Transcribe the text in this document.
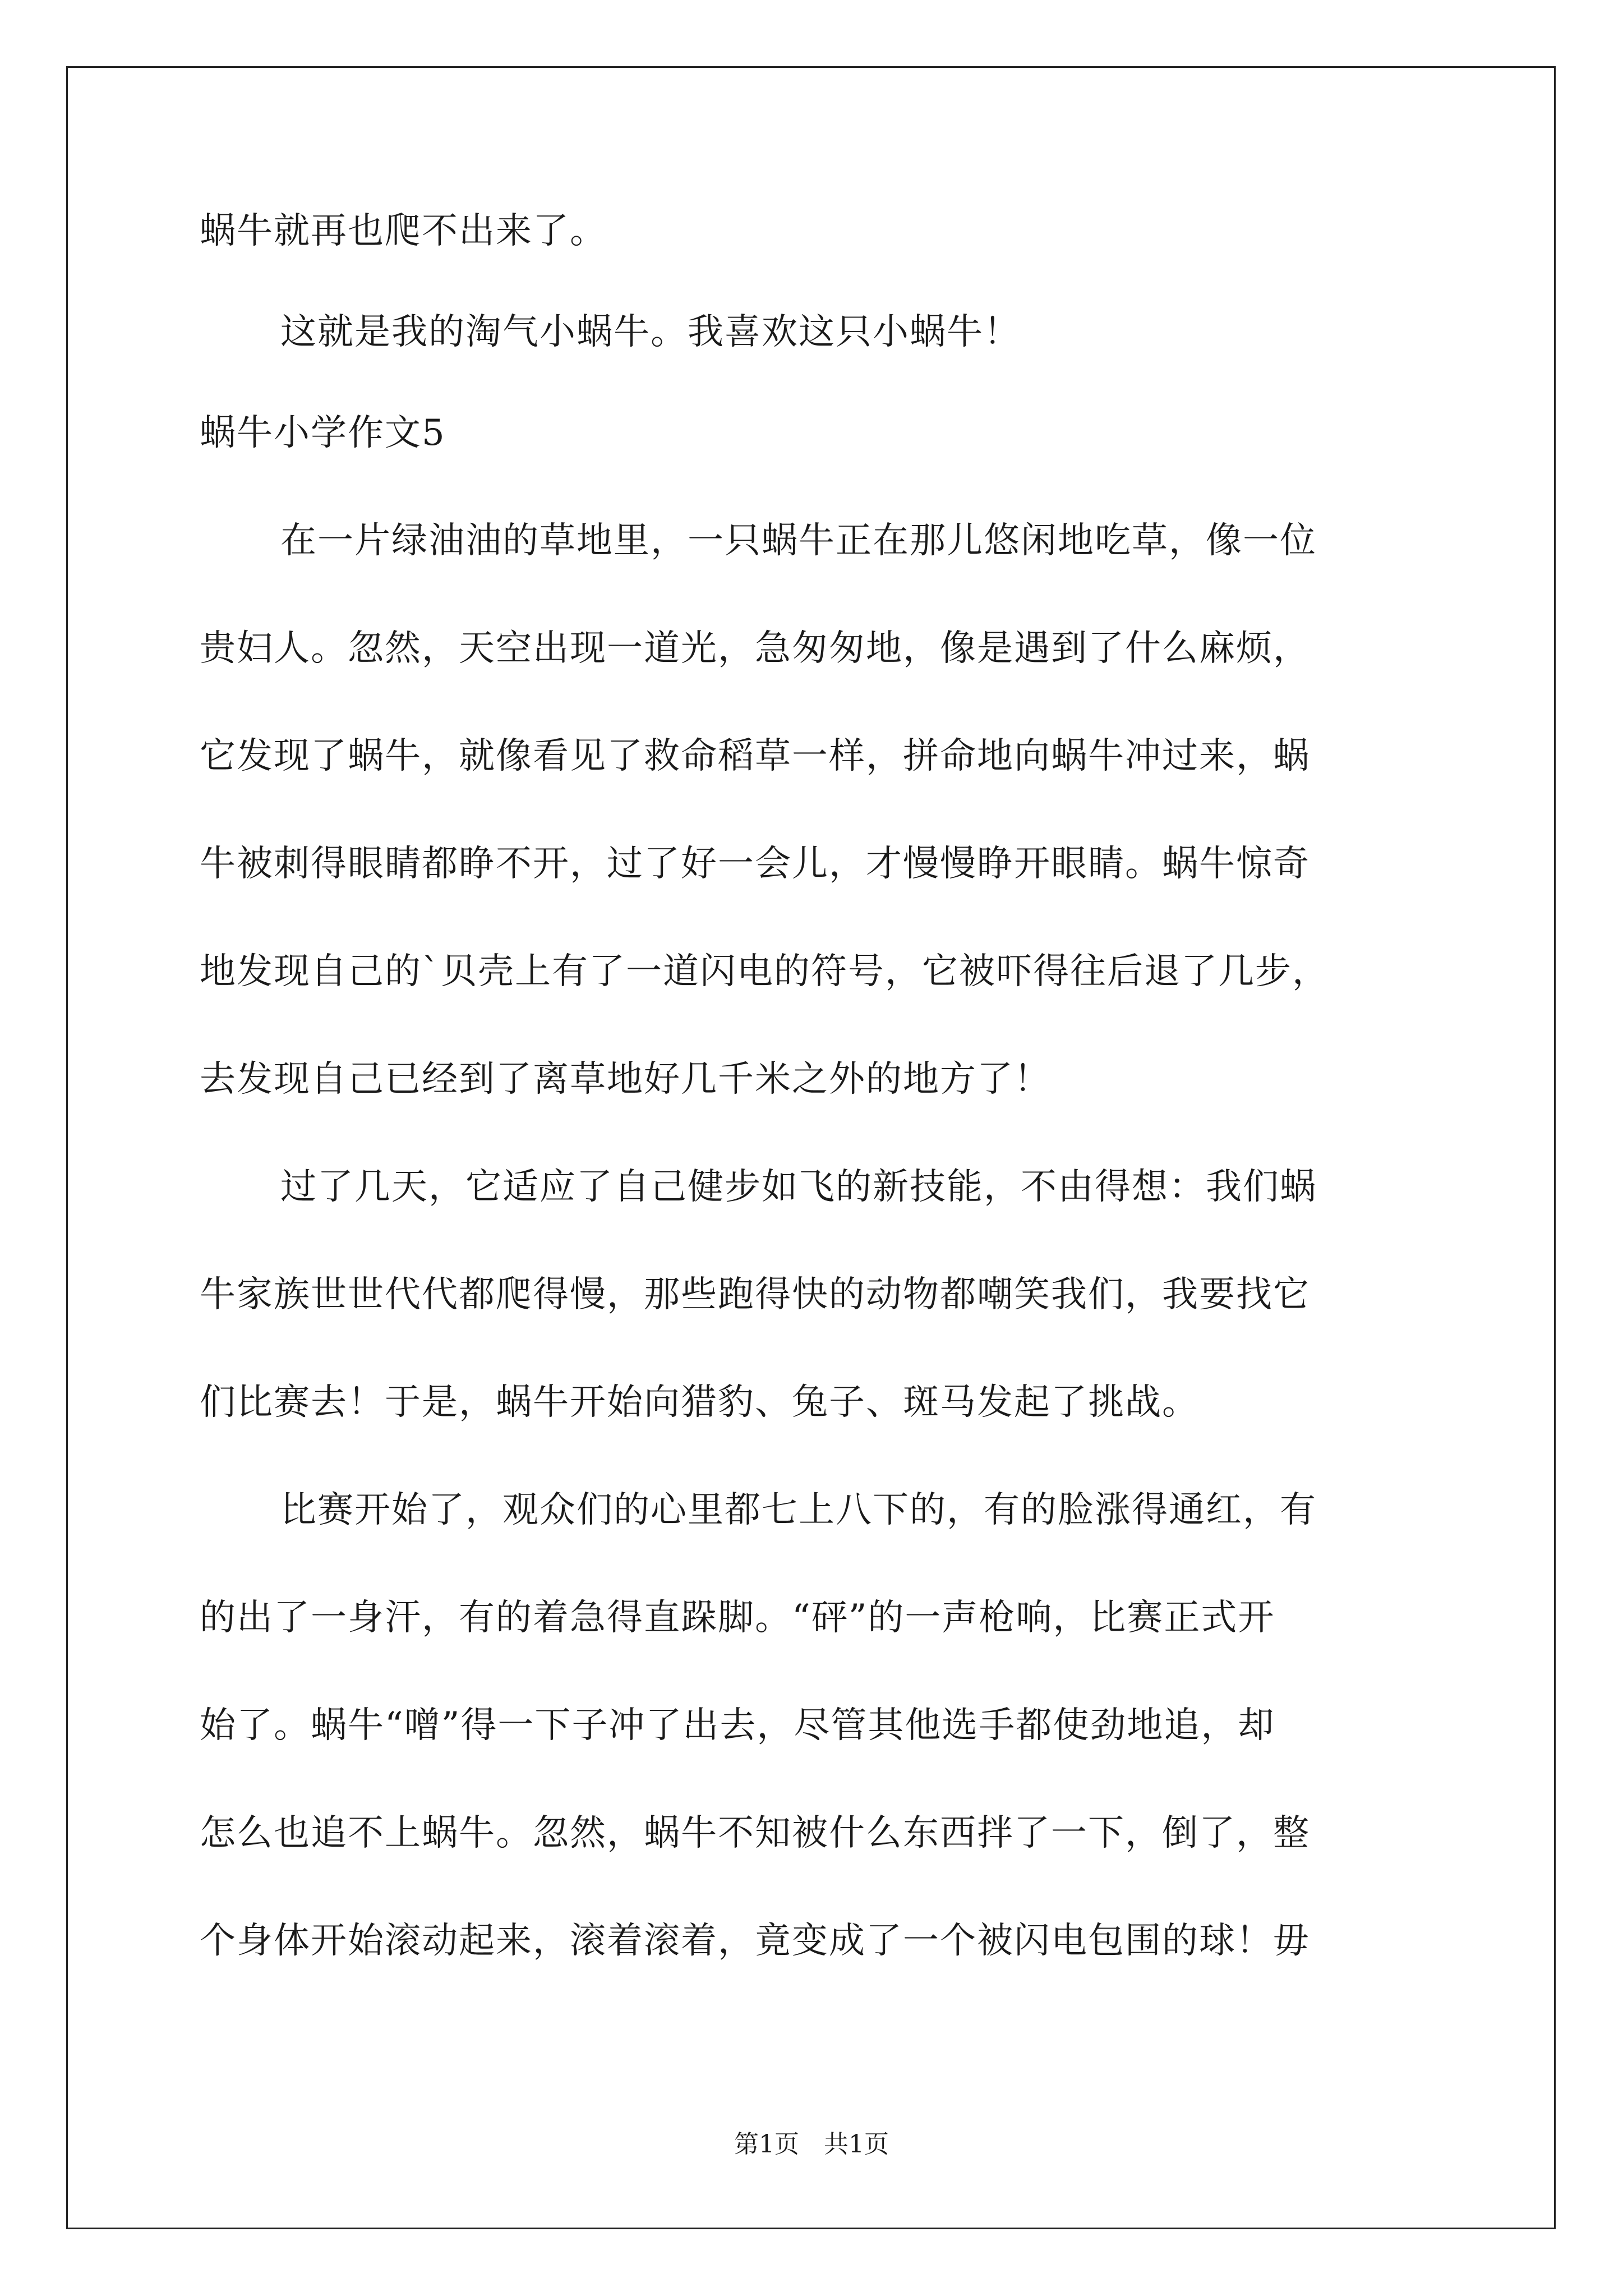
蜗牛就再也爬不出来了。
这就是我的淘气小蜗牛。我喜欢这只小蜗牛！
蜗牛小学作文5
在一片绿油油的草地里，一只蜗牛正在那儿悠闲地吃草，像一位
贵妇人。忽然，天空出现一道光，急匆匆地，像是遇到了什么麻烦，
它发现了蜗牛，就像看见了救命稻草一样，拼命地向蜗牛冲过来，蜗
牛被刺得眼睛都睁不开，过了好一会儿，才慢慢睁开眼睛。蜗牛惊奇
地发现自己的`贝壳上有了一道闪电的符号，它被吓得往后退了几步，
去发现自己已经到了离草地好几千米之外的地方了！
过了几天，它适应了自己健步如飞的新技能，不由得想：我们蜗
牛家族世世代代都爬得慢，那些跑得快的动物都嘲笑我们，我要找它
们比赛去！于是，蜗牛开始向猎豹、兔子、斑马发起了挑战。
比赛开始了，观众们的心里都七上八下的，有的脸涨得通红，有
的出了一身汗，有的着急得直跺脚。“砰”的一声枪响，比赛正式开
始了。蜗牛“噌”得一下子冲了出去，尽管其他选手都使劲地追，却
怎么也追不上蜗牛。忽然，蜗牛不知被什么东西拌了一下，倒了，整
个身体开始滚动起来，滚着滚着，竟变成了一个被闪电包围的球！毋
第1页　共1页
